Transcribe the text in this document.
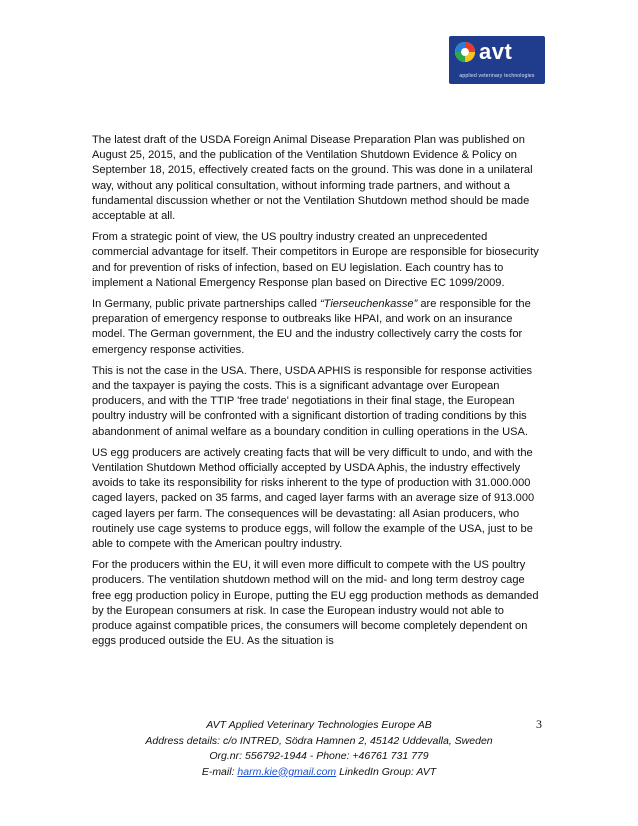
avt
applied veterinary technologies

The latest draft of the USDA Foreign Animal Disease Preparation Plan was published on August 25, 2015, and the publication of the Ventilation Shutdown Evidence & Policy on September 18, 2015, effectively created facts on the ground. This was done in a unilateral way, without any political consultation, without informing trade partners, and without a fundamental discussion whether or not the Ventilation Shutdown method should be made acceptable at all.

From a strategic point of view, the US poultry industry created an unprecedented commercial advantage for itself. Their competitors in Europe are responsible for biosecurity and for prevention of risks of infection, based on EU legislation. Each country has to implement a National Emergency Response plan based on Directive EC 1099/2009.

In Germany, public private partnerships called “Tierseuchenkasse” are responsible for the preparation of emergency response to outbreaks like HPAI, and work on an insurance model. The German government, the EU and the industry collectively carry the costs for emergency response activities.

This is not the case in the USA. There, USDA APHIS is responsible for response activities and the taxpayer is paying the costs. This is a significant advantage over European producers, and with the TTIP 'free trade' negotiations in their final stage, the European poultry industry will be confronted with a significant distortion of trading conditions by this abandonment of animal welfare as a boundary condition in culling operations in the USA.

US egg producers are actively creating facts that will be very difficult to undo, and with the Ventilation Shutdown Method officially accepted by USDA Aphis, the industry effectively avoids to take its responsibility for risks inherent to the type of production with 31.000.000 caged layers, packed on 35 farms, and caged layer farms with an average size of 913.000 caged layers per farm. The consequences will be devastating: all Asian producers, who routinely use cage systems to produce eggs, will follow the example of the USA, just to be able to compete with the American poultry industry.

For the producers within the EU, it will even more difficult to compete with the US poultry producers. The ventilation shutdown method will on the mid- and long term destroy cage free egg production policy in Europe, putting the EU egg production methods as demanded by the European consumers at risk. In case the European industry would not able to produce against compatible prices, the consumers will become completely dependent on eggs produced outside the EU. As the situation is

3
AVT Applied Veterinary Technologies Europe AB
Address details: c/o INTRED, Södra Hamnen 2, 45142 Uddevalla, Sweden
Org.nr: 556792-1944 - Phone: +46761 731 779
E-mail: harm.kie@gmail.com LinkedIn Group: AVT
